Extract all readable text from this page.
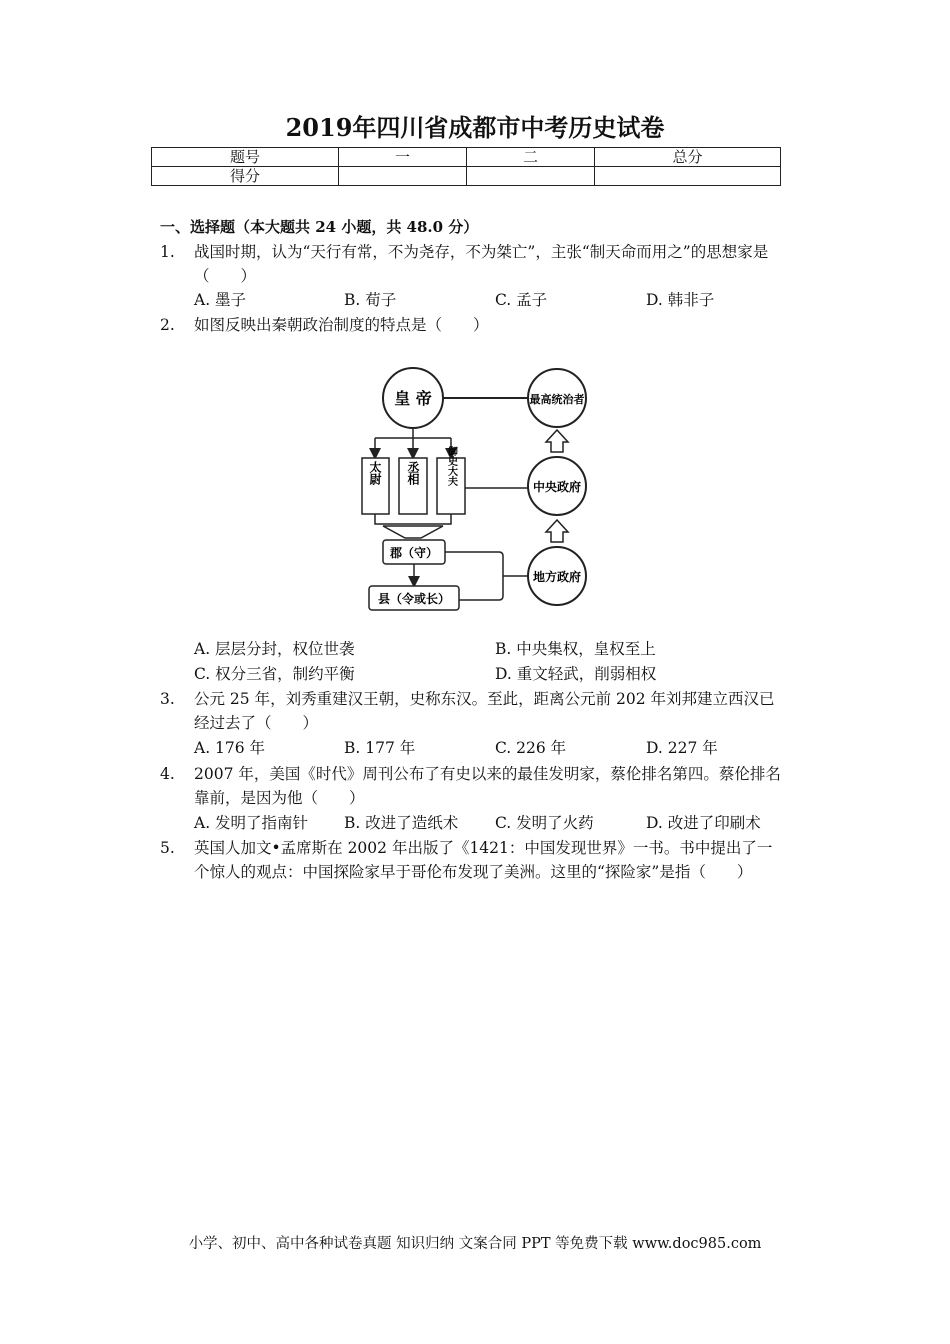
2019年四川省成都市中考历史试卷
题号	一	二	总分
得分			
一、选择题（本大题共 24 小题，共 48.0 分）
1.	战国时期，认为“天行有常，不为尧存，不为桀亡”，主张“制天命而用之”的思想家是（　　）
A. 墨子	B. 荀子	C. 孟子	D. 韩非子
2.	如图反映出秦朝政治制度的特点是（　　）
皇 帝	最高统治者
中央政府
地方政府
太尉 丞相	御史大夫
郡（守）
县（令或长）
A. 层层分封，权位世袭	B. 中央集权，皇权至上
C. 权分三省，制约平衡	D. 重文轻武，削弱相权
3.	公元 25 年，刘秀重建汉王朝，史称东汉。至此，距离公元前 202 年刘邦建立西汉已经过去了（　　）
A. 176 年	B. 177 年	C. 226 年	D. 227 年
4.	2007 年，美国《时代》周刊公布了有史以来的最佳发明家，蔡伦排名第四。蔡伦排名靠前，是因为他（　　）
A. 发明了指南针 B. 改进了造纸术 C. 发明了火药	D. 改进了印刷术
5.	英国人加文•孟席斯在 2002 年出版了《1421：中国发现世界》一书。书中提出了一个惊人的观点：中国探险家早于哥伦布发现了美洲。这里的“探险家”是指（　　）
小学、初中、高中各种试卷真题 知识归纳 文案合同 PPT 等免费下载 www.doc985.com
